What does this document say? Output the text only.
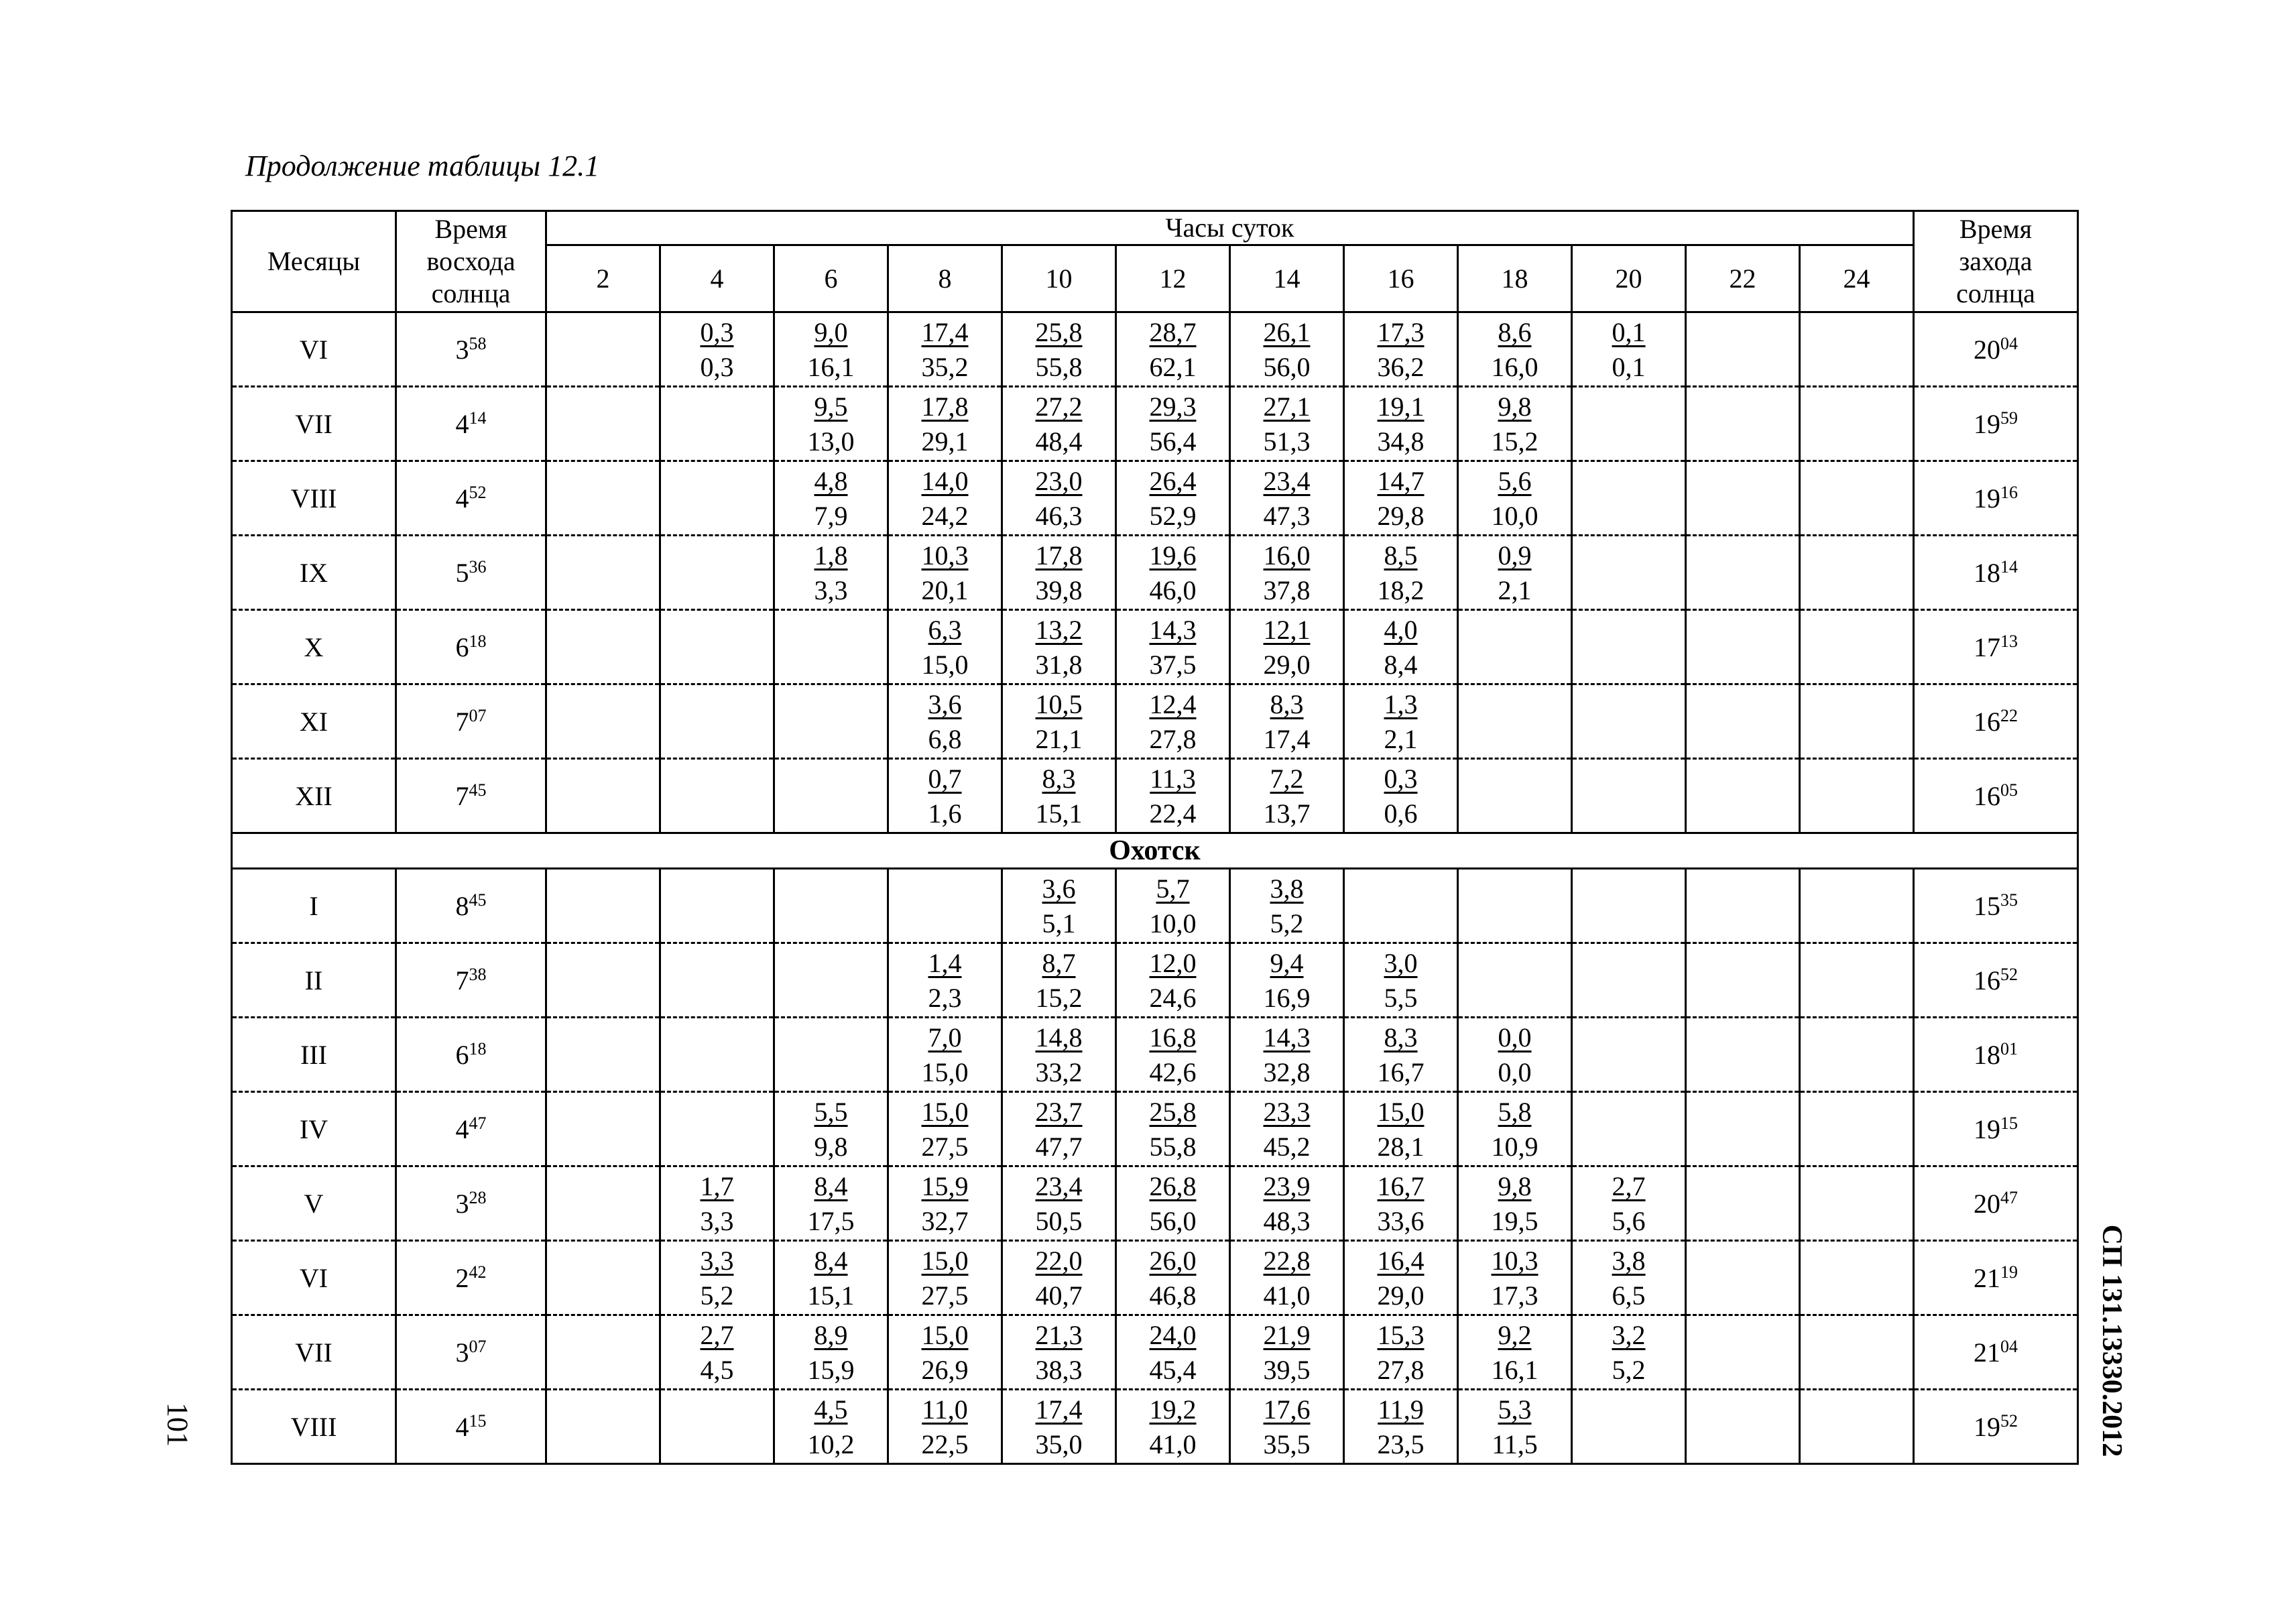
Продолжение таблицы 12.1
Месяцы	Время
восхода
солнца	Часы суток												Время
захода
солнца
		2	4	6	8	10	12	14	16	18	20	22	24	
VI	$3^{58}$		$\frac{0,3}{0,3}$	$\frac{9,0}{16,1}$	$\frac{17,4}{35,2}$	$\frac{25,8}{55,8}$	$\frac{28,7}{62,1}$	$\frac{26,1}{56,0}$	$\frac{17,3}{36,2}$	$\frac{8,6}{16,0}$	$\frac{0,1}{0,1}$			$20^{04}$
VII	$4^{14}$			$\frac{9,5}{13,0}$	$\frac{17,8}{29,1}$	$\frac{27,2}{48,4}$	$\frac{29,3}{56,4}$	$\frac{27,1}{51,3}$	$\frac{19,1}{34,8}$	$\frac{9,8}{15,2}$				$19^{59}$
VIII	$4^{52}$			$\frac{4,8}{7,9}$	$\frac{14,0}{24,2}$	$\frac{23,0}{46,3}$	$\frac{26,4}{52,9}$	$\frac{23,4}{47,3}$	$\frac{14,7}{29,8}$	$\frac{5,6}{10,0}$				$19^{16}$
IX	$5^{36}$			$\frac{1,8}{3,3}$	$\frac{10,3}{20,1}$	$\frac{17,8}{39,8}$	$\frac{19,6}{46,0}$	$\frac{16,0}{37,8}$	$\frac{8,5}{18,2}$	$\frac{0,9}{2,1}$				$18^{14}$
X	$6^{18}$				$\frac{6,3}{15,0}$	$\frac{13,2}{31,8}$	$\frac{14,3}{37,5}$	$\frac{12,1}{29,0}$	$\frac{4,0}{8,4}$					$17^{13}$
XI	$7^{07}$				$\frac{3,6}{6,8}$	$\frac{10,5}{21,1}$	$\frac{12,4}{27,8}$	$\frac{8,3}{17,4}$	$\frac{1,3}{2,1}$					$16^{22}$
XII	$7^{45}$				$\frac{0,7}{1,6}$	$\frac{8,3}{15,1}$	$\frac{11,3}{22,4}$	$\frac{7,2}{13,7}$	$\frac{0,3}{0,6}$					$16^{05}$
Охотск														
I	$8^{45}$					$\frac{3,6}{5,1}$	$\frac{5,7}{10,0}$	$\frac{3,8}{5,2}$						$15^{35}$
II	$7^{38}$				$\frac{1,4}{2,3}$	$\frac{8,7}{15,2}$	$\frac{12,0}{24,6}$	$\frac{9,4}{16,9}$	$\frac{3,0}{5,5}$					$16^{52}$
III	$6^{18}$				$\frac{7,0}{15,0}$	$\frac{14,8}{33,2}$	$\frac{16,8}{42,6}$	$\frac{14,3}{32,8}$	$\frac{8,3}{16,7}$	$\frac{0,0}{0,0}$				$18^{01}$
IV	$4^{47}$			$\frac{5,5}{9,8}$	$\frac{15,0}{27,5}$	$\frac{23,7}{47,7}$	$\frac{25,8}{55,8}$	$\frac{23,3}{45,2}$	$\frac{15,0}{28,1}$	$\frac{5,8}{10,9}$				$19^{15}$
V	$3^{28}$		$\frac{1,7}{3,3}$	$\frac{8,4}{17,5}$	$\frac{15,9}{32,7}$	$\frac{23,4}{50,5}$	$\frac{26,8}{56,0}$	$\frac{23,9}{48,3}$	$\frac{16,7}{33,6}$	$\frac{9,8}{19,5}$	$\frac{2,7}{5,6}$			$20^{47}$
VI	$2^{42}$		$\frac{3,3}{5,2}$	$\frac{8,4}{15,1}$	$\frac{15,0}{27,5}$	$\frac{22,0}{40,7}$	$\frac{26,0}{46,8}$	$\frac{22,8}{41,0}$	$\frac{16,4}{29,0}$	$\frac{10,3}{17,3}$	$\frac{3,8}{6,5}$			$21^{19}$
VII	$3^{07}$		$\frac{2,7}{4,5}$	$\frac{8,9}{15,9}$	$\frac{15,0}{26,9}$	$\frac{21,3}{38,3}$	$\frac{24,0}{45,4}$	$\frac{21,9}{39,5}$	$\frac{15,3}{27,8}$	$\frac{9,2}{16,1}$	$\frac{3,2}{5,2}$			$21^{04}$
VIII	$4^{15}$			$\frac{4,5}{10,2}$	$\frac{11,0}{22,5}$	$\frac{17,4}{35,0}$	$\frac{19,2}{41,0}$	$\frac{17,6}{35,5}$	$\frac{11,9}{23,5}$	$\frac{5,3}{11,5}$				$19^{52}$	СП 131.13330.2012
101
